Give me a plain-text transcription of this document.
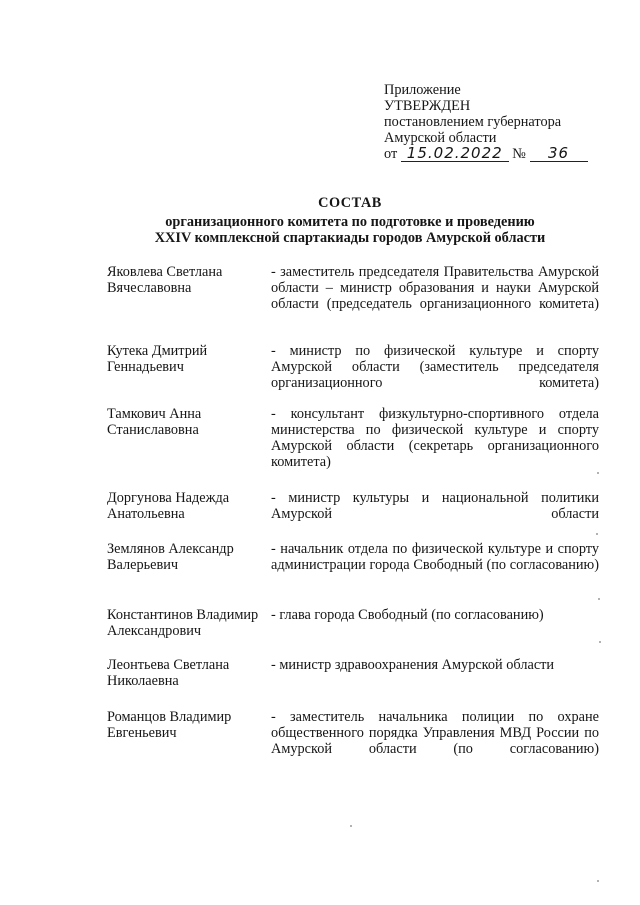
Приложение
УТВЕРЖДЕН
постановлением губернатора
Амурской области
от 15.02.2022 № 36
СОСТАВ
организационного комитета по подготовке и проведению
XXIV комплексной спартакиады городов Амурской области
Яковлева Светлана
Вячеславовна
- заместитель председателя Правительства Амурской области – министр образования и науки Амурской области (председатель организационного комитета)
Кутека Дмитрий
Геннадьевич
- министр по физической культуре и спорту Амурской области (заместитель председателя организационного комитета)
Тамкович Анна
Станиславовна
- консультант физкультурно-спортивного отдела министерства по физической культуре и спорту Амурской области (секретарь организационного комитета)
Доргунова Надежда
Анатольевна
- министр культуры и национальной политики Амурской области
Землянов Александр
Валерьевич
- начальник отдела по физической культуре и спорту администрации города Свободный (по согласованию)
Константинов Владимир
Александрович
- глава города Свободный (по согласованию)
Леонтьева Светлана
Николаевна
- министр здравоохранения Амурской области
Романцов Владимир
Евгеньевич
- заместитель начальника полиции по охране общественного порядка Управления МВД России по Амурской области (по согласованию)
